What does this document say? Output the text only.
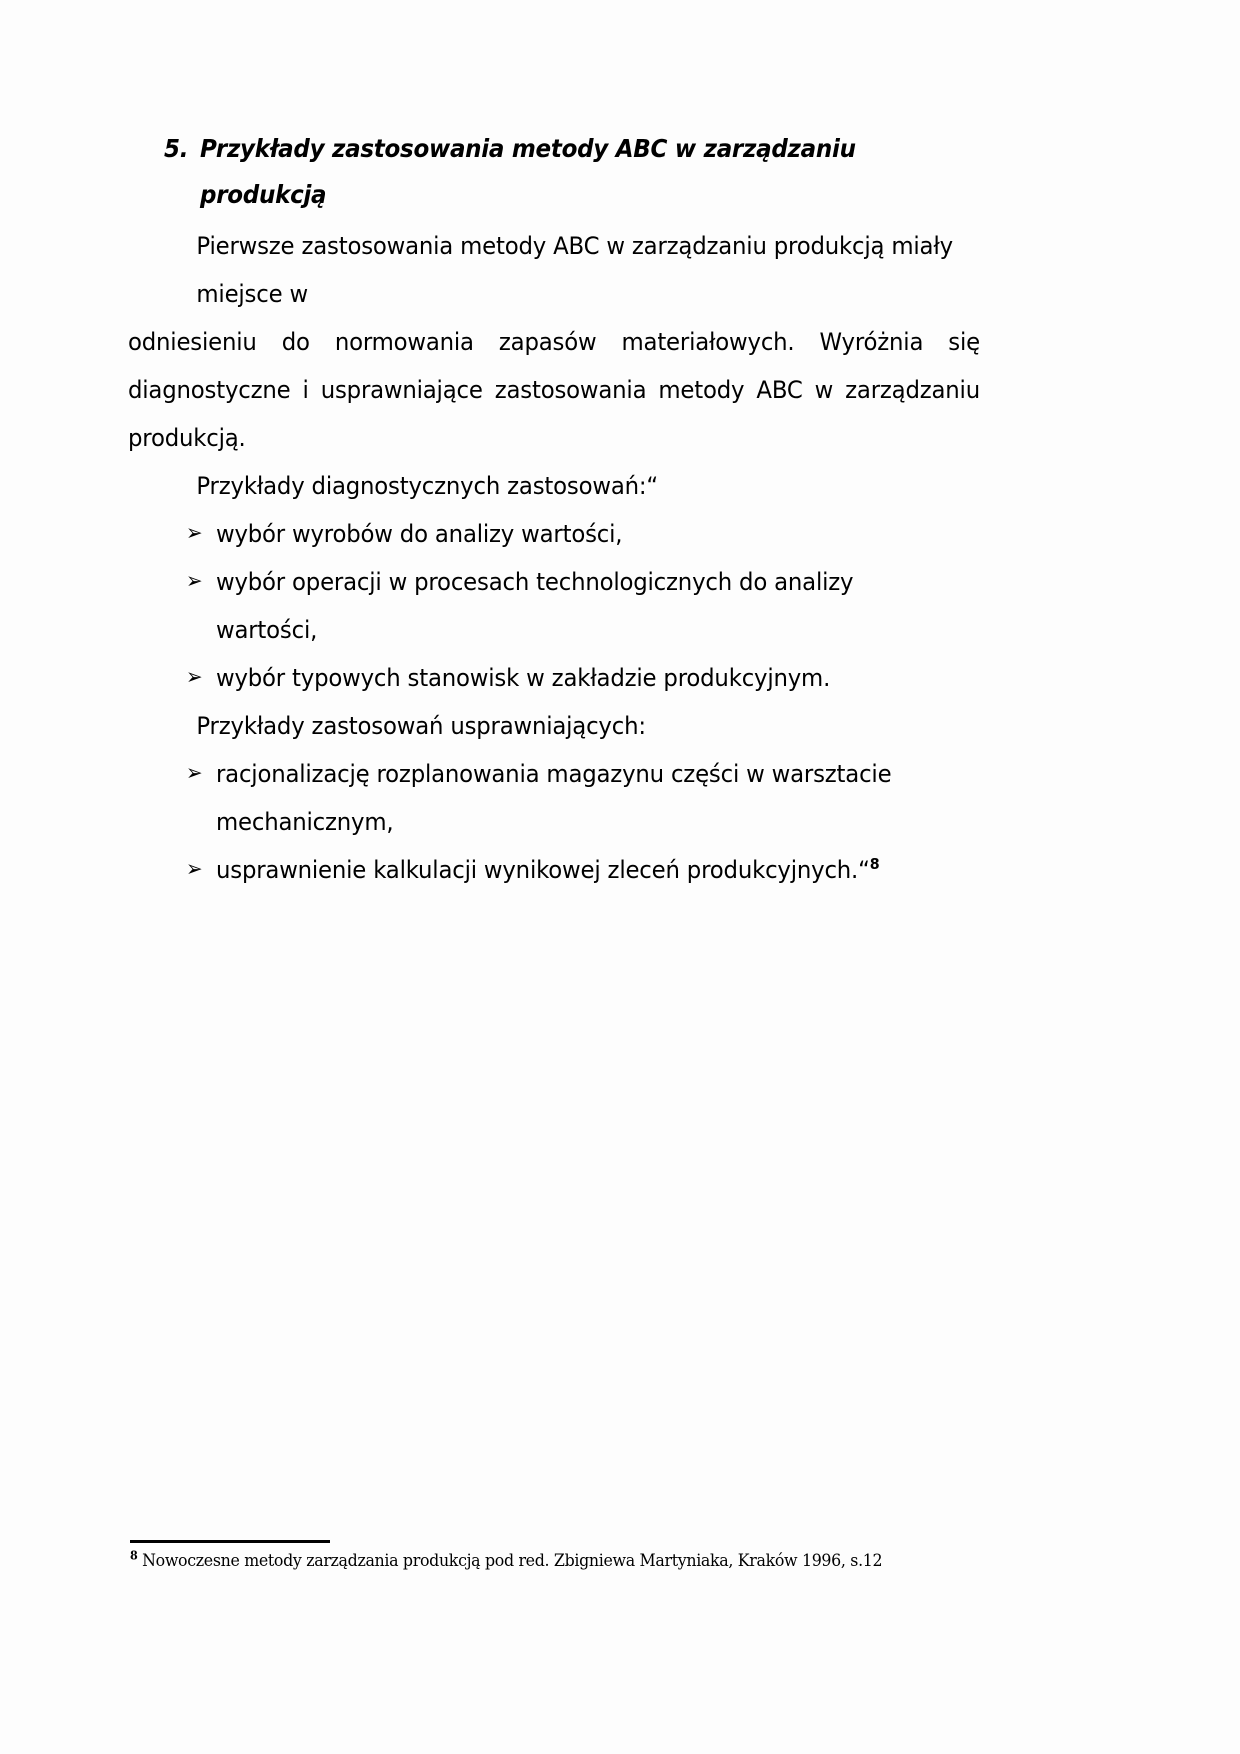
5. Przykłady zastosowania metody ABC w zarządzaniu produkcją

Pierwsze zastosowania metody ABC w zarządzaniu produkcją miały

miejsce w

odniesieniu do normowania zapasów materiałowych. Wyróżnia się diagnostyczne i usprawniające zastosowania metody ABC w zarządzaniu produkcją.

Przykłady diagnostycznych zastosowań:“

➢ wybór wyrobów do analizy wartości,
➢ wybór operacji w procesach technologicznych do analizy wartości,
➢ wybór typowych stanowisk w zakładzie produkcyjnym.

Przykłady zastosowań usprawniających:

➢ racjonalizację rozplanowania magazynu części w warsztacie mechanicznym,
➢ usprawnienie kalkulacji wynikowej zleceń produkcyjnych.“$^8$
$^8$ Nowoczesne metody zarządzania produkcją pod red. Zbigniewa Martyniaka, Kraków 1996, s.12
